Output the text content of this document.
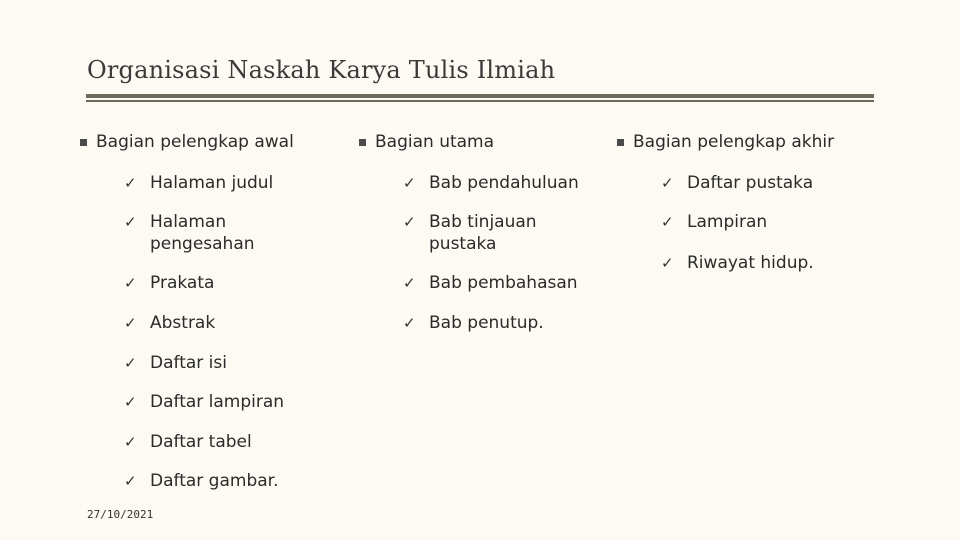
Organisasi Naskah Karya Tulis Ilmiah
Bagian pelengkap awal
✓ Halaman judul
✓ Halaman pengesahan
✓ Prakata
✓ Abstrak
✓ Daftar isi
✓ Daftar lampiran
✓ Daftar tabel
✓ Daftar gambar.
Bagian utama
✓ Bab pendahuluan
✓ Bab tinjauan pustaka
✓ Bab pembahasan
✓ Bab penutup.
Bagian pelengkap akhir
✓ Daftar pustaka
✓ Lampiran
✓ Riwayat hidup.
27/10/2021
